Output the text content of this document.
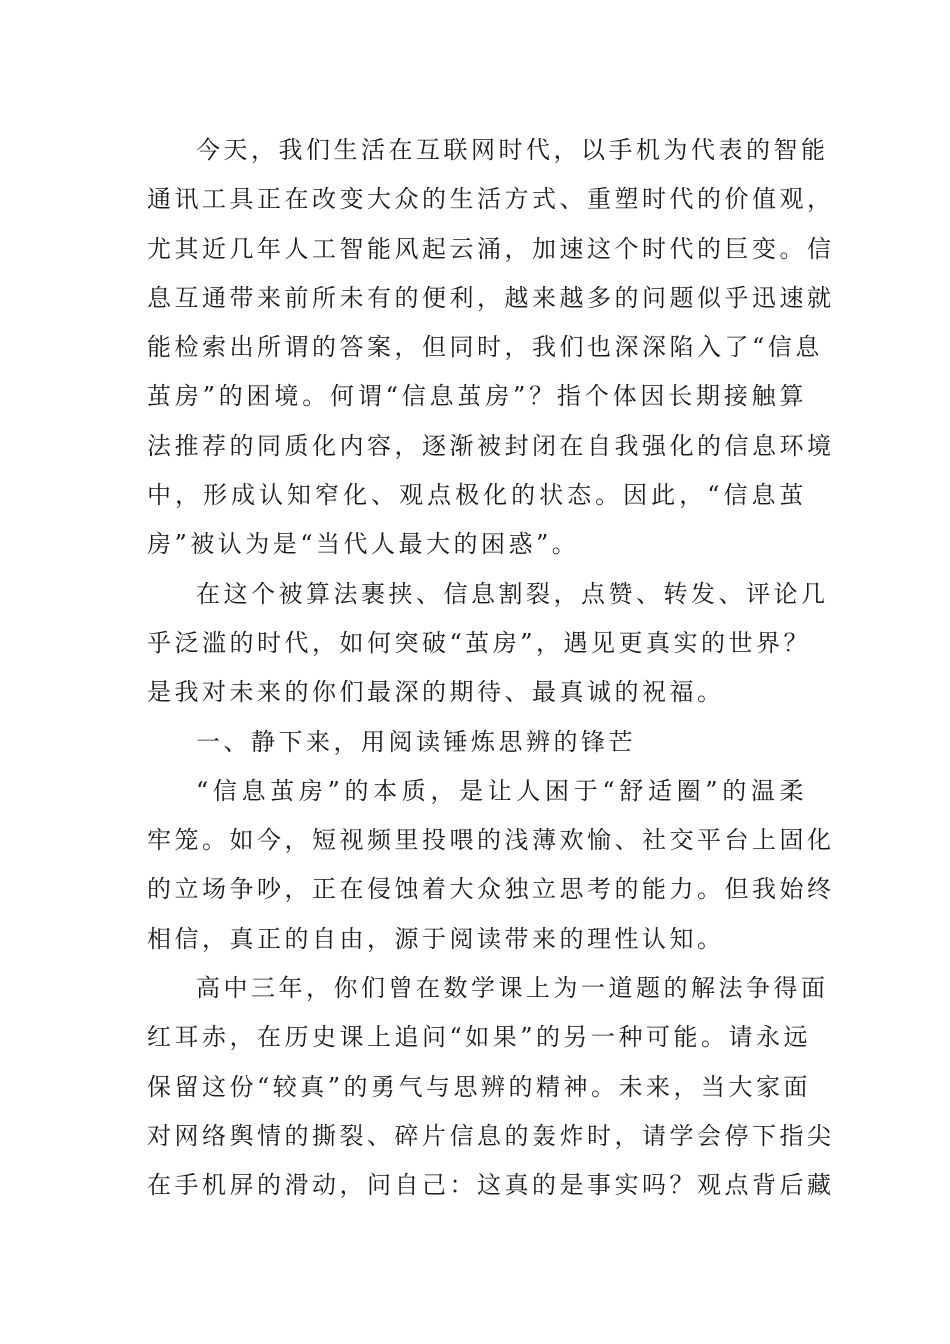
今天，我们生活在互联网时代，以手机为代表的智能
通讯工具正在改变大众的生活方式、重塑时代的价值观，
尤其近几年人工智能风起云涌，加速这个时代的巨变。信
息互通带来前所未有的便利，越来越多的问题似乎迅速就
能检索出所谓的答案，但同时，我们也深深陷入了“信息
茧房”的困境。何谓“信息茧房”？指个体因长期接触算
法推荐的同质化内容，逐渐被封闭在自我强化的信息环境
中，形成认知窄化、观点极化的状态。因此，“信息茧
房”被认为是“当代人最大的困惑”。
在这个被算法裹挟、信息割裂，点赞、转发、评论几
乎泛滥的时代，如何突破“茧房”，遇见更真实的世界？
是我对未来的你们最深的期待、最真诚的祝福。
一、静下来，用阅读锤炼思辨的锋芒
“信息茧房”的本质，是让人困于“舒适圈”的温柔
牢笼。如今，短视频里投喂的浅薄欢愉、社交平台上固化
的立场争吵，正在侵蚀着大众独立思考的能力。但我始终
相信，真正的自由，源于阅读带来的理性认知。
高中三年，你们曾在数学课上为一道题的解法争得面
红耳赤，在历史课上追问“如果”的另一种可能。请永远
保留这份“较真”的勇气与思辨的精神。未来，当大家面
对网络舆情的撕裂、碎片信息的轰炸时，请学会停下指尖
在手机屏的滑动，问自己：这真的是事实吗？观点背后藏
